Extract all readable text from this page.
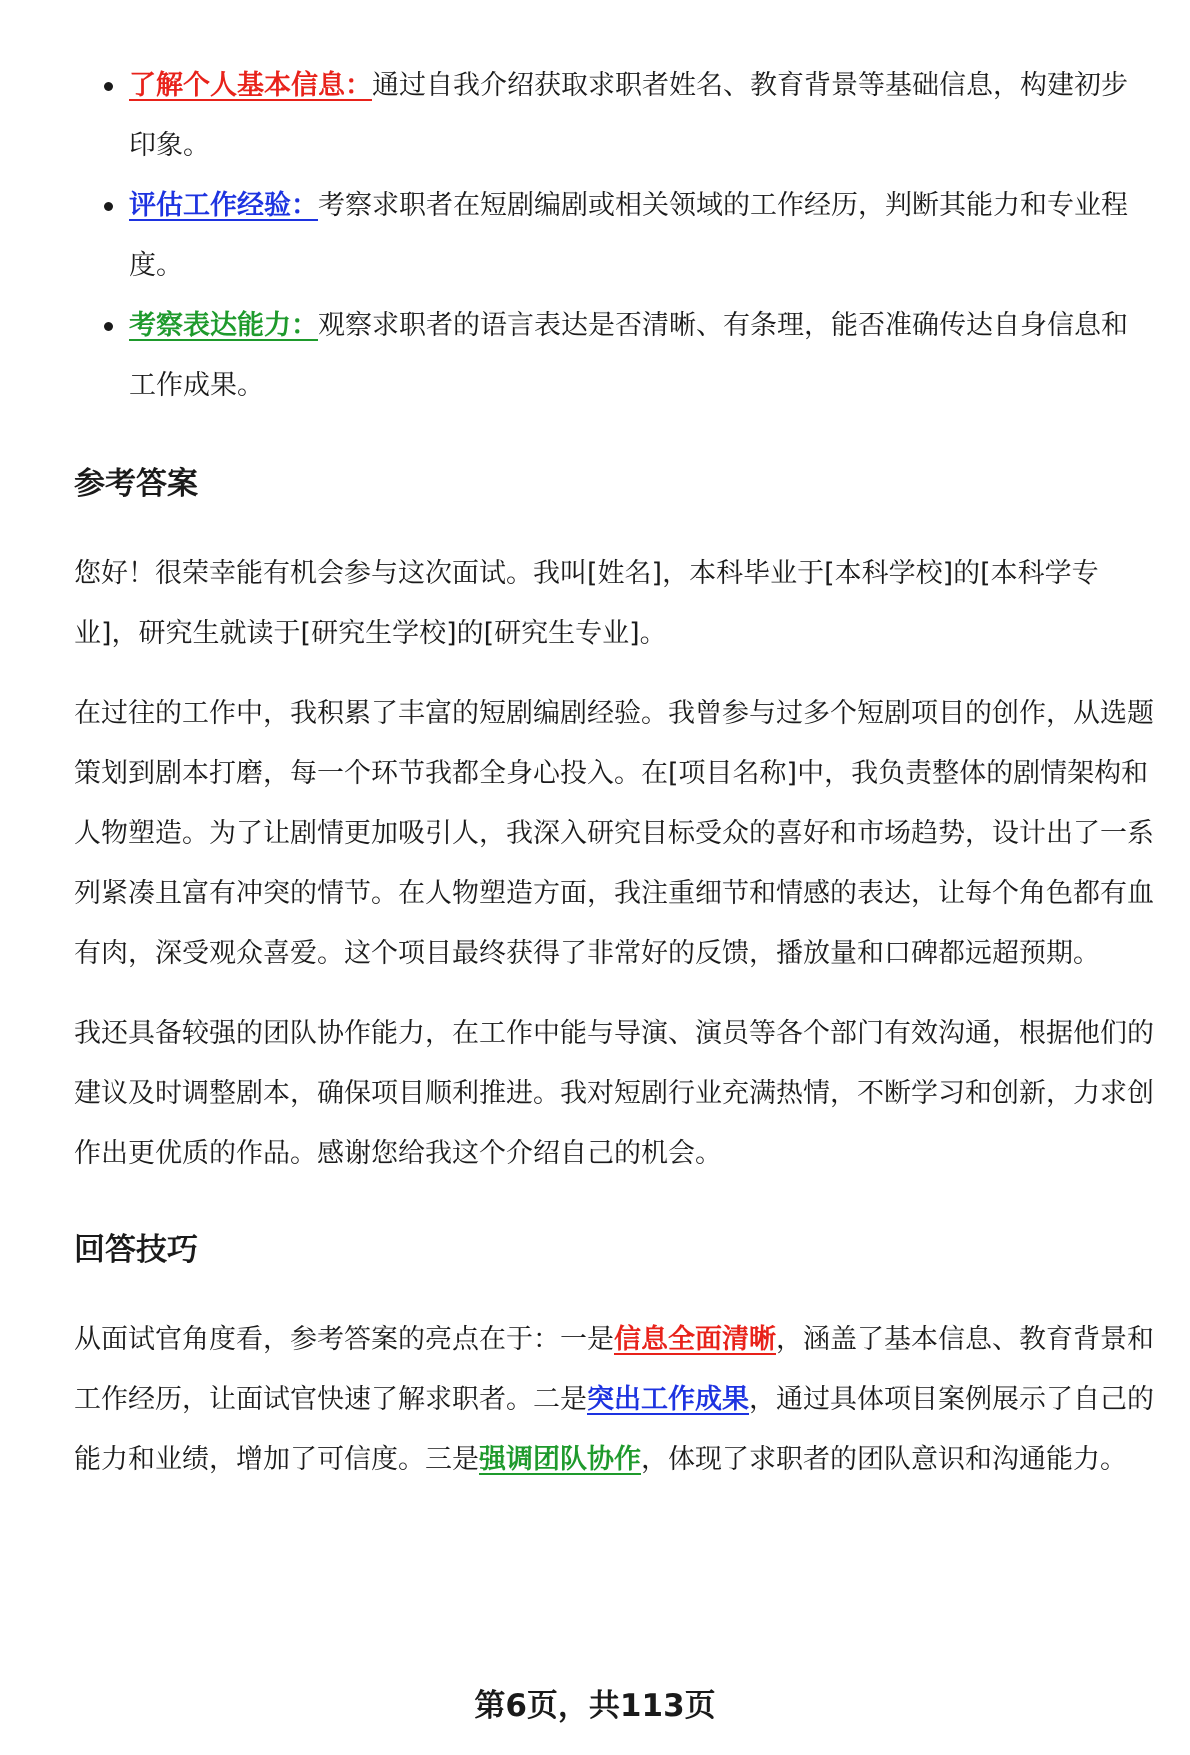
了解个人基本信息：通过自我介绍获取求职者姓名、教育背景等基础信息，构建初步印象。
评估工作经验：考察求职者在短剧编剧或相关领域的工作经历，判断其能力和专业程度。
考察表达能力：观察求职者的语言表达是否清晰、有条理，能否准确传达自身信息和工作成果。
参考答案

您好！很荣幸能有机会参与这次面试。我叫[姓名]，本科毕业于[本科学校]的[本科学专业]，研究生就读于[研究生学校]的[研究生专业]。

在过往的工作中，我积累了丰富的短剧编剧经验。我曾参与过多个短剧项目的创作，从选题策划到剧本打磨，每一个环节我都全身心投入。在[项目名称]中，我负责整体的剧情架构和人物塑造。为了让剧情更加吸引人，我深入研究目标受众的喜好和市场趋势，设计出了一系列紧凑且富有冲突的情节。在人物塑造方面，我注重细节和情感的表达，让每个角色都有血有肉，深受观众喜爱。这个项目最终获得了非常好的反馈，播放量和口碑都远超预期。

我还具备较强的团队协作能力，在工作中能与导演、演员等各个部门有效沟通，根据他们的建议及时调整剧本，确保项目顺利推进。我对短剧行业充满热情，不断学习和创新，力求创作出更优质的作品。感谢您给我这个介绍自己的机会。

回答技巧

从面试官角度看，参考答案的亮点在于：一是信息全面清晰，涵盖了基本信息、教育背景和工作经历，让面试官快速了解求职者。二是突出工作成果，通过具体项目案例展示了自己的能力和业绩，增加了可信度。三是强调团队协作，体现了求职者的团队意识和沟通能力。

第6页，共113页
